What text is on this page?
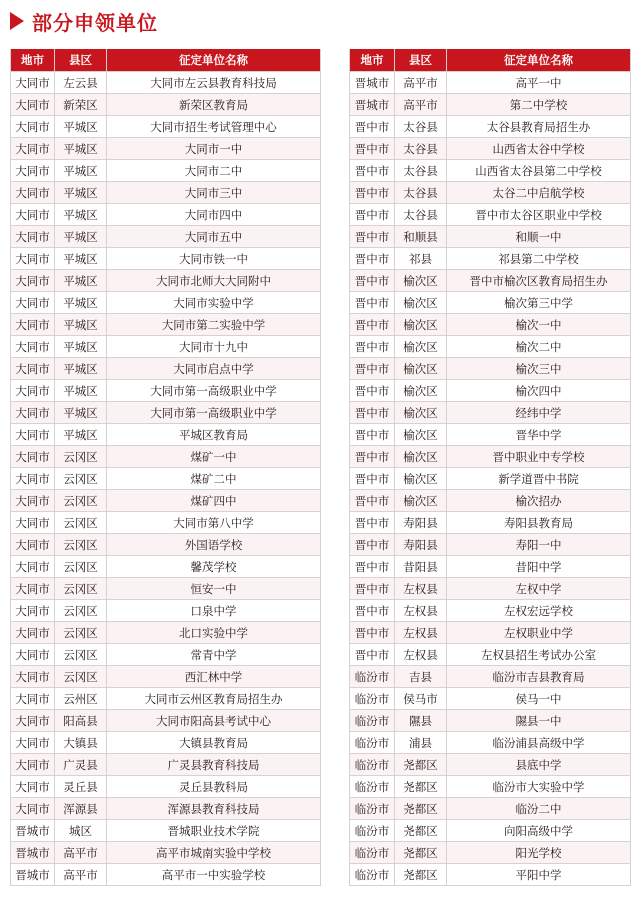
部分申领单位
地市	县区	征定单位名称
大同市	左云县	大同市左云县教育科技局
大同市	新荣区	新荣区教育局
大同市	平城区	大同市招生考试管理中心
大同市	平城区	大同市一中
大同市	平城区	大同市二中
大同市	平城区	大同市三中
大同市	平城区	大同市四中
大同市	平城区	大同市五中
大同市	平城区	大同市铁一中
大同市	平城区	大同市北师大大同附中
大同市	平城区	大同市实验中学
大同市	平城区	大同市第二实验中学
大同市	平城区	大同市十九中
大同市	平城区	大同市启点中学
大同市	平城区	大同市第一高级职业中学
大同市	平城区	大同市第一高级职业中学
大同市	平城区	平城区教育局
大同市	云冈区	煤矿一中
大同市	云冈区	煤矿二中
大同市	云冈区	煤矿四中
大同市	云冈区	大同市第八中学
大同市	云冈区	外国语学校
大同市	云冈区	馨茂学校
大同市	云冈区	恒安一中
大同市	云冈区	口泉中学
大同市	云冈区	北口实验中学
大同市	云冈区	常青中学
大同市	云冈区	西汇林中学
大同市	云州区	大同市云州区教育局招生办
大同市	阳高县	大同市阳高县考试中心
大同市	大镇县	大镇县教育局
大同市	广灵县	广灵县教育科技局
大同市	灵丘县	灵丘县教科局
大同市	浑源县	浑源县教育科技局
晋城市	城区	晋城职业技术学院
晋城市	高平市	高平市城南实验中学校
晋城市	高平市	高平市一中实验学校
地市	县区	征定单位名称
晋城市	高平市	高平一中
晋城市	高平市	第二中学校
晋中市	太谷县	太谷县教育局招生办
晋中市	太谷县	山西省太谷中学校
晋中市	太谷县	山西省太谷县第二中学校
晋中市	太谷县	太谷二中启航学校
晋中市	太谷县	晋中市太谷区职业中学校
晋中市	和顺县	和顺一中
晋中市	祁县	祁县第二中学校
晋中市	榆次区	晋中市榆次区教育局招生办
晋中市	榆次区	榆次第三中学
晋中市	榆次区	榆次一中
晋中市	榆次区	榆次二中
晋中市	榆次区	榆次三中
晋中市	榆次区	榆次四中
晋中市	榆次区	经纬中学
晋中市	榆次区	晋华中学
晋中市	榆次区	晋中职业中专学校
晋中市	榆次区	新学道晋中书院
晋中市	榆次区	榆次招办
晋中市	寿阳县	寿阳县教育局
晋中市	寿阳县	寿阳一中
晋中市	昔阳县	昔阳中学
晋中市	左权县	左权中学
晋中市	左权县	左权宏远学校
晋中市	左权县	左权职业中学
晋中市	左权县	左权县招生考试办公室
临汾市	吉县	临汾市吉县教育局
临汾市	侯马市	侯马一中
临汾市	隰县	隰县一中
临汾市	浦县	临汾浦县高级中学
临汾市	尧都区	县底中学
临汾市	尧都区	临汾市大实验中学
临汾市	尧都区	临汾二中
临汾市	尧都区	向阳高级中学
临汾市	尧都区	阳光学校
临汾市	尧都区	平阳中学
